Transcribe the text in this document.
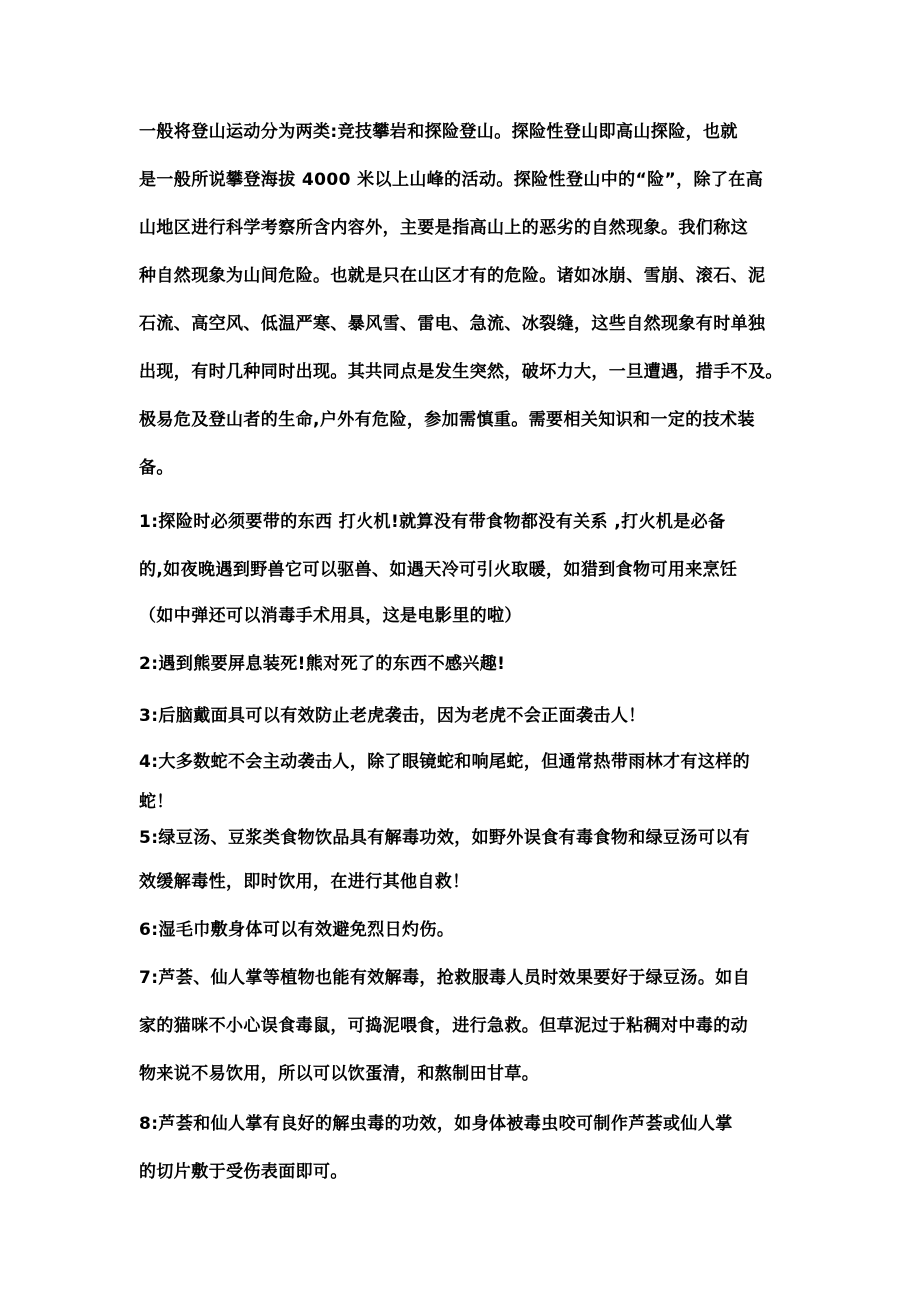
一般将登山运动分为两类:竞技攀岩和探险登山。探险性登山即高山探险，也就
是一般所说攀登海拔 4000 米以上山峰的活动。探险性登山中的“险”，除了在高
山地区进行科学考察所含内容外，主要是指高山上的恶劣的自然现象。我们称这
种自然现象为山间危险。也就是只在山区才有的危险。诸如冰崩、雪崩、滚石、泥
石流、高空风、低温严寒、暴风雪、雷电、急流、冰裂缝，这些自然现象有时单独
出现，有时几种同时出现。其共同点是发生突然，破坏力大，一旦遭遇，措手不及。
极易危及登山者的生命,户外有危险，参加需慎重。需要相关知识和一定的技术装
备。
1:探险时必须要带的东西 打火机!就算没有带食物都没有关系 ,打火机是必备
的,如夜晚遇到野兽它可以驱兽、如遇天冷可引火取暖，如猎到食物可用来烹饪
（如中弹还可以消毒手术用具，这是电影里的啦）
2:遇到熊要屏息装死!熊对死了的东西不感兴趣!
3:后脑戴面具可以有效防止老虎袭击，因为老虎不会正面袭击人！
4:大多数蛇不会主动袭击人，除了眼镜蛇和响尾蛇，但通常热带雨林才有这样的
蛇！
5:绿豆汤、豆浆类食物饮品具有解毒功效，如野外误食有毒食物和绿豆汤可以有
效缓解毒性，即时饮用，在进行其他自救！
6:湿毛巾敷身体可以有效避免烈日灼伤。
7:芦荟、仙人掌等植物也能有效解毒，抢救服毒人员时效果要好于绿豆汤。如自
家的猫咪不小心误食毒鼠，可捣泥喂食，进行急救。但草泥过于粘稠对中毒的动
物来说不易饮用，所以可以饮蛋清，和熬制田甘草。
8:芦荟和仙人掌有良好的解虫毒的功效，如身体被毒虫咬可制作芦荟或仙人掌
的切片敷于受伤表面即可。
